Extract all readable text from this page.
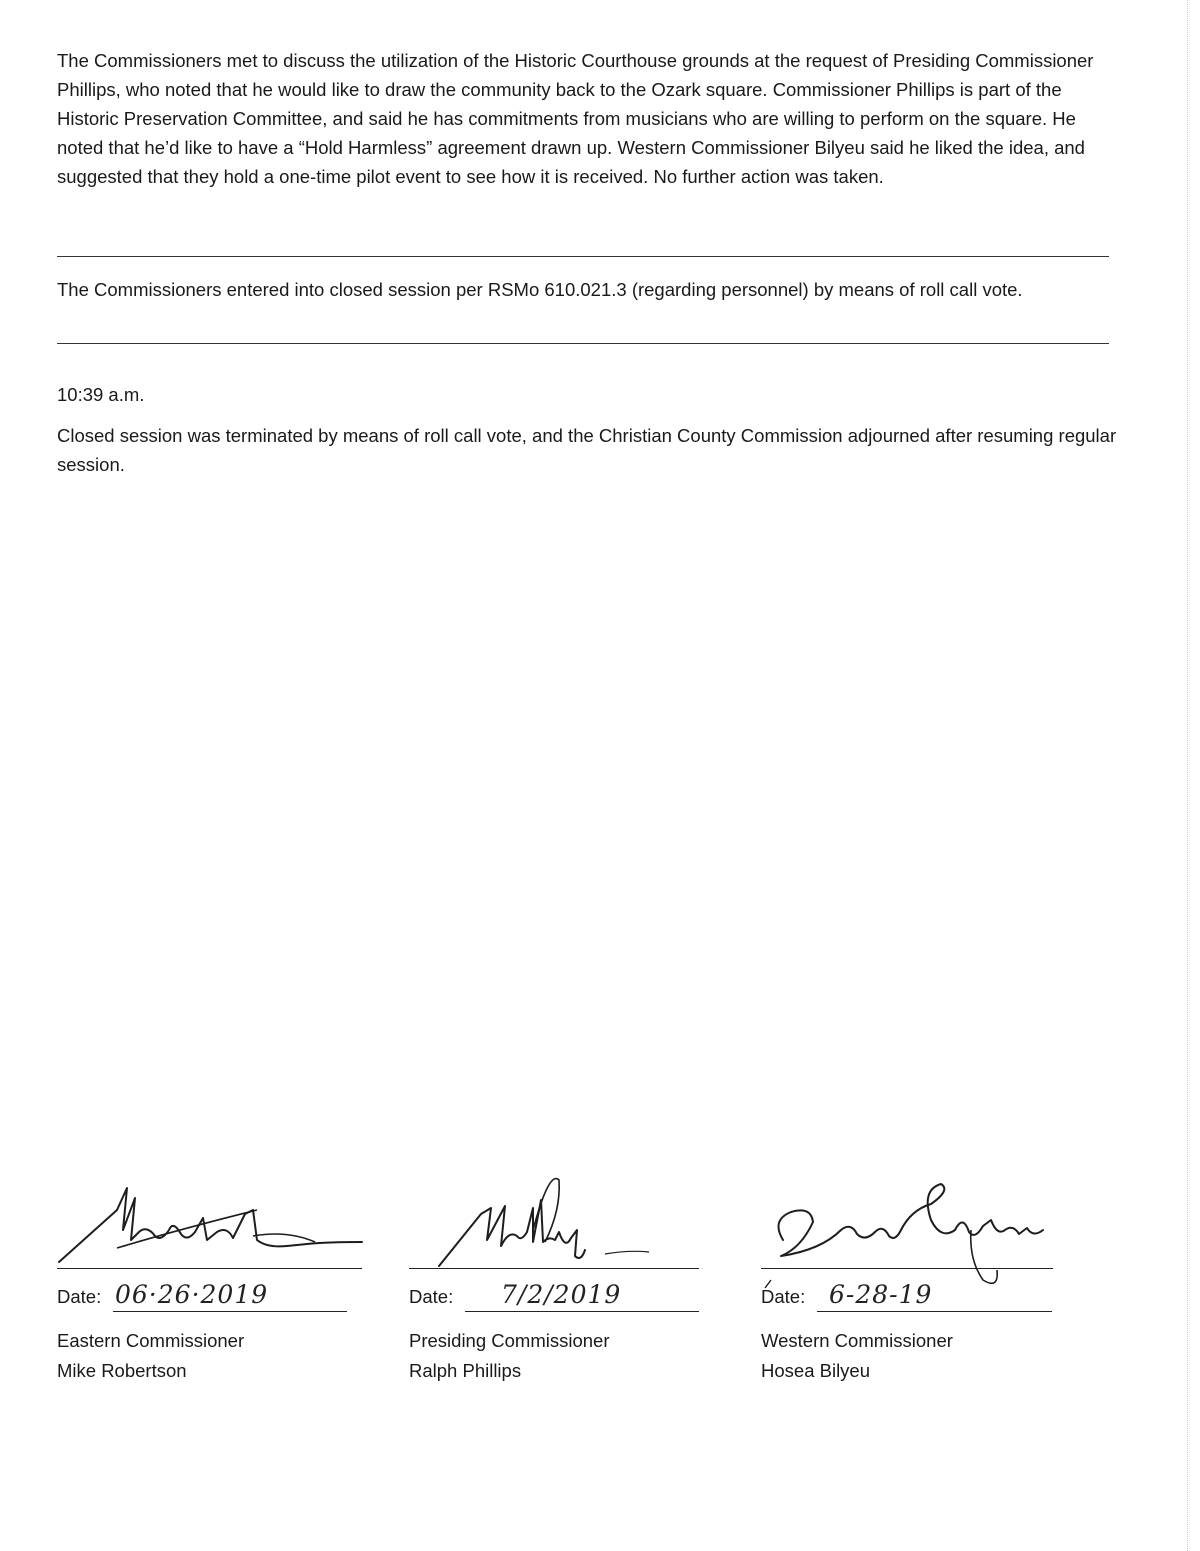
The Commissioners met to discuss the utilization of the Historic Courthouse grounds at the request of Presiding Commissioner Phillips, who noted that he would like to draw the community back to the Ozark square. Commissioner Phillips is part of the Historic Preservation Committee, and said he has commitments from musicians who are willing to perform on the square. He noted that he’d like to have a “Hold Harmless” agreement drawn up. Western Commissioner Bilyeu said he liked the idea, and suggested that they hold a one-time pilot event to see how it is received. No further action was taken.

The Commissioners entered into closed session per RSMo 610.021.3 (regarding personnel) by means of roll call vote.

10:39 a.m.

Closed session was terminated by means of roll call vote, and the Christian County Commission adjourned after resuming regular session.

Date: 06·26·2019
Eastern Commissioner
Mike Robertson
Date: 7/2/2019
Presiding Commissioner
Ralph Phillips
Date: 6-28-19
Western Commissioner
Hosea Bilyeu
